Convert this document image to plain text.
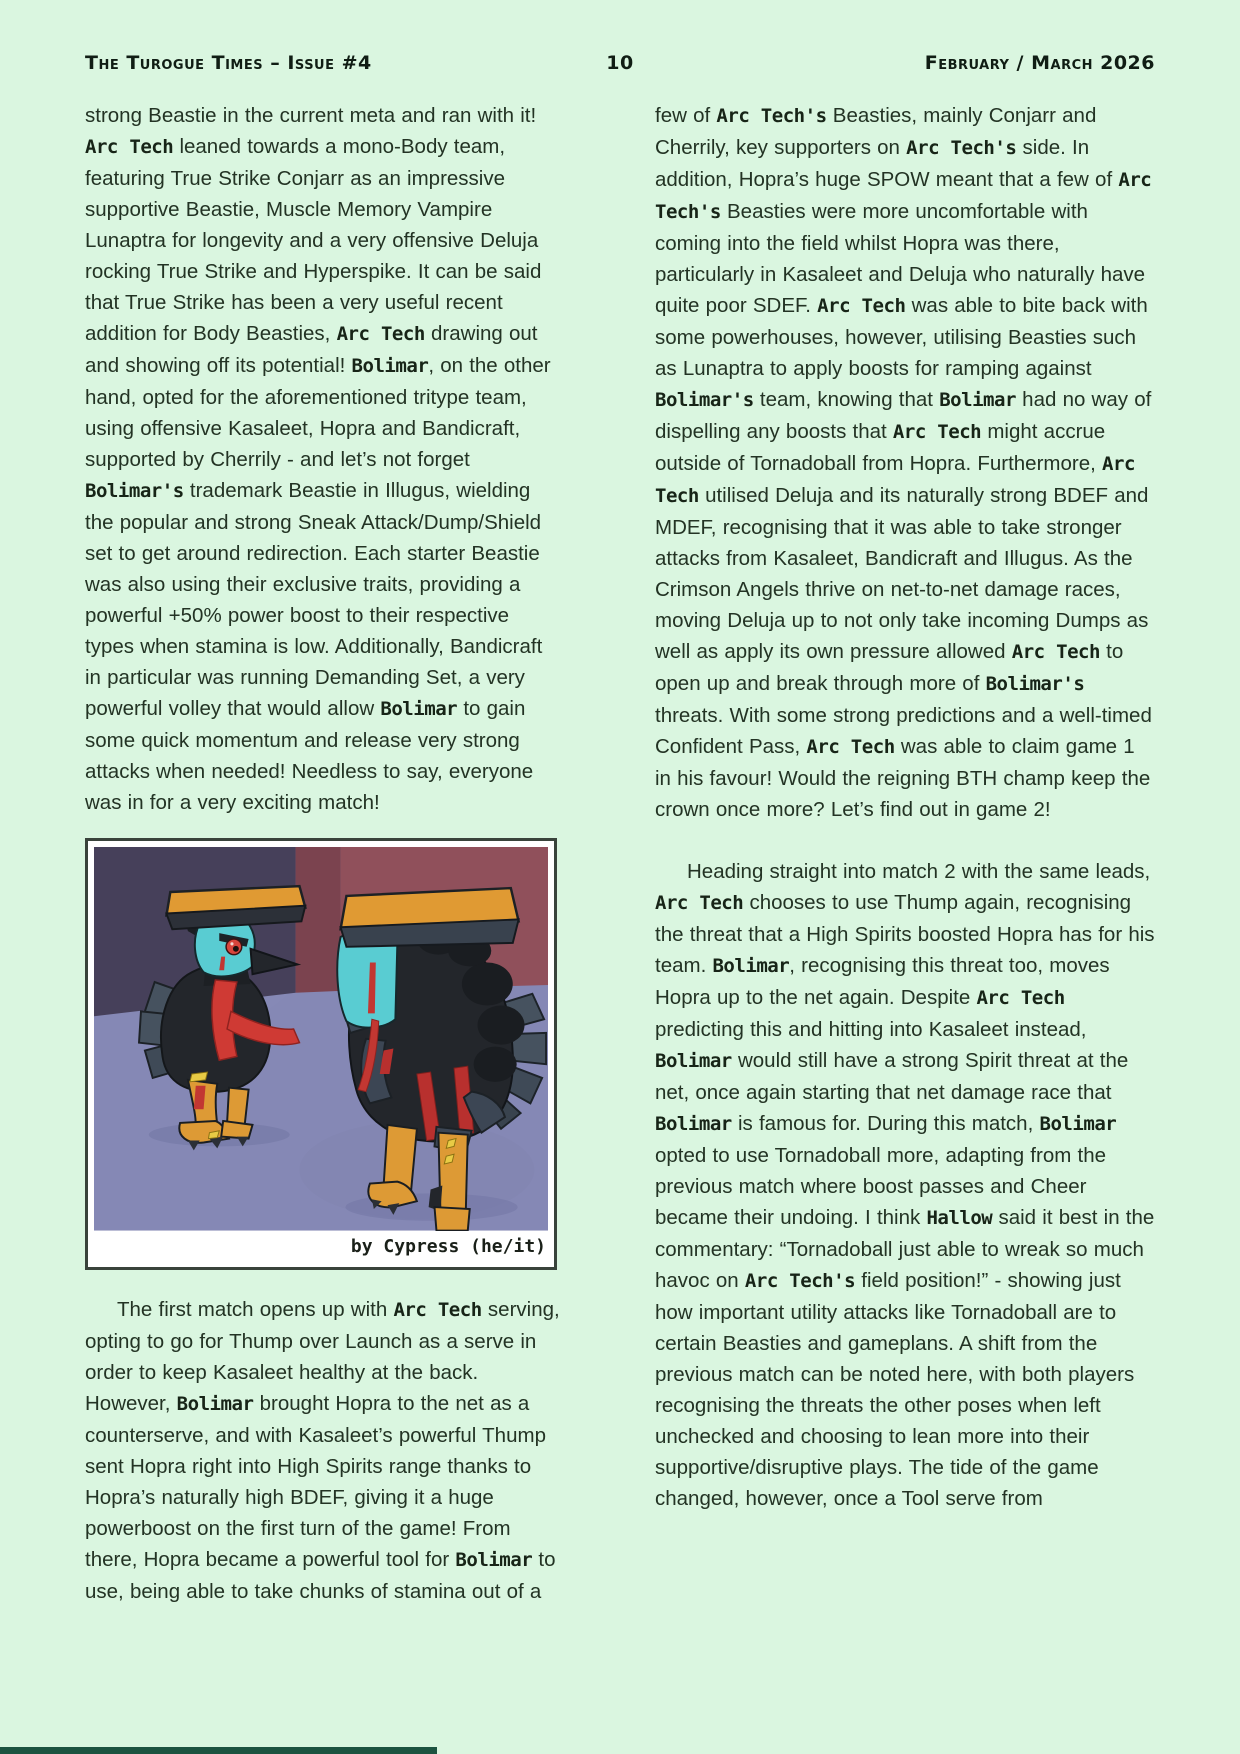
The Turogue Times – Issue #4	10	February / March 2026
strong Beastie in the current meta and ran with it! Arc Tech leaned towards a mono-Body team, featuring True Strike Conjarr as an impressive supportive Beastie, Muscle Memory Vampire Lunaptra for longevity and a very offensive Deluja rocking True Strike and Hyperspike. It can be said that True Strike has been a very useful recent addition for Body Beasties, Arc Tech drawing out and showing off its potential! Bolimar, on the other hand, opted for the aforementioned tritype team, using offensive Kasaleet, Hopra and Bandicraft, supported by Cherrily - and let’s not forget Bolimar's trademark Beastie in Illugus, wielding the popular and strong Sneak Attack/Dump/Shield set to get around redirection. Each starter Beastie was also using their exclusive traits, providing a powerful +50% power boost to their respective types when stamina is low. Additionally, Bandicraft in particular was running Demanding Set, a very powerful volley that would allow Bolimar to gain some quick momentum and release very strong attacks when needed! Needless to say, everyone was in for a very exciting match!
by Cypress (he/it)
The first match opens up with Arc Tech serving, opting to go for Thump over Launch as a serve in order to keep Kasaleet healthy at the back. However, Bolimar brought Hopra to the net as a counterserve, and with Kasaleet’s powerful Thump sent Hopra right into High Spirits range thanks to Hopra’s naturally high BDEF, giving it a huge powerboost on the first turn of the game! From there, Hopra became a powerful tool for Bolimar to use, being able to take chunks of stamina out of a
few of Arc Tech's Beasties, mainly Conjarr and Cherrily, key supporters on Arc Tech's side. In addition, Hopra’s huge SPOW meant that a few of Arc Tech's Beasties were more uncomfortable with coming into the field whilst Hopra was there, particularly in Kasaleet and Deluja who naturally have quite poor SDEF. Arc Tech was able to bite back with some powerhouses, however, utilising Beasties such as Lunaptra to apply boosts for ramping against Bolimar's team, knowing that Bolimar had no way of dispelling any boosts that Arc Tech might accrue outside of Tornadoball from Hopra. Furthermore, Arc Tech utilised Deluja and its naturally strong BDEF and MDEF, recognising that it was able to take stronger attacks from Kasaleet, Bandicraft and Illugus. As the Crimson Angels thrive on net-to-net damage races, moving Deluja up to not only take incoming Dumps as well as apply its own pressure allowed Arc Tech to open up and break through more of Bolimar's threats. With some strong predictions and a well-timed Confident Pass, Arc Tech was able to claim game 1 in his favour! Would the reigning BTH champ keep the crown once more? Let’s find out in game 2!
Heading straight into match 2 with the same leads, Arc Tech chooses to use Thump again, recognising the threat that a High Spirits boosted Hopra has for his team. Bolimar, recognising this threat too, moves Hopra up to the net again. Despite Arc Tech predicting this and hitting into Kasaleet instead, Bolimar would still have a strong Spirit threat at the net, once again starting that net damage race that Bolimar is famous for. During this match, Bolimar opted to use Tornadoball more, adapting from the previous match where boost passes and Cheer became their undoing. I think Hallow said it best in the commentary: “Tornadoball just able to wreak so much havoc on Arc Tech's field position!” - showing just how important utility attacks like Tornadoball are to certain Beasties and gameplans. A shift from the previous match can be noted here, with both players recognising the threats the other poses when left unchecked and choosing to lean more into their supportive/disruptive plays. The tide of the game changed, however, once a Tool serve from
